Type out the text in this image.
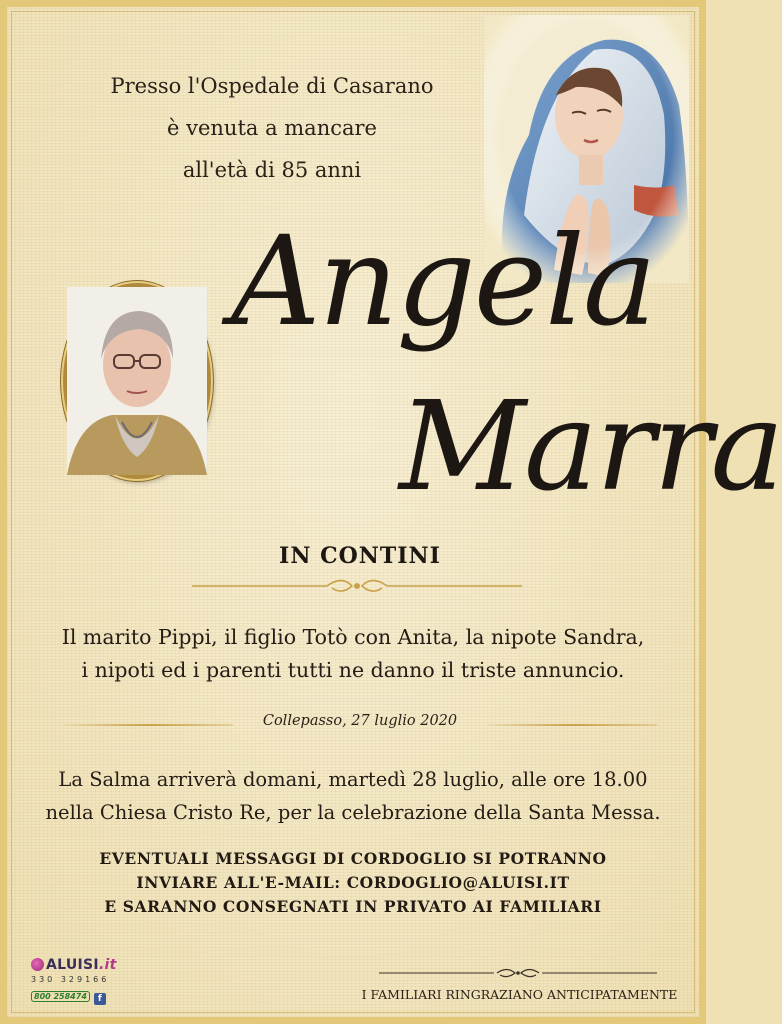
Presso l'Ospedale di Casarano
è venuta a mancare
all'età di 85 anni
Angela
Marra
IN CONTINI
Il marito Pippi, il figlio Totò con Anita, la nipote Sandra,
i nipoti ed i parenti tutti ne danno il triste annuncio.
Collepasso, 27 luglio 2020
La Salma arriverà domani, martedì 28 luglio, alle ore 18.00
nella Chiesa Cristo Re, per la celebrazione della Santa Messa.
EVENTUALI MESSAGGI DI CORDOGLIO SI POTRANNO
INVIARE ALL'E-MAIL: CORDOGLIO@ALUISI.IT
E SARANNO CONSEGNATI IN PRIVATO AI FAMILIARI
ALUISI.it
330 329166
800 258474 f	I FAMILIARI RINGRAZIANO ANTICIPATAMENTE
